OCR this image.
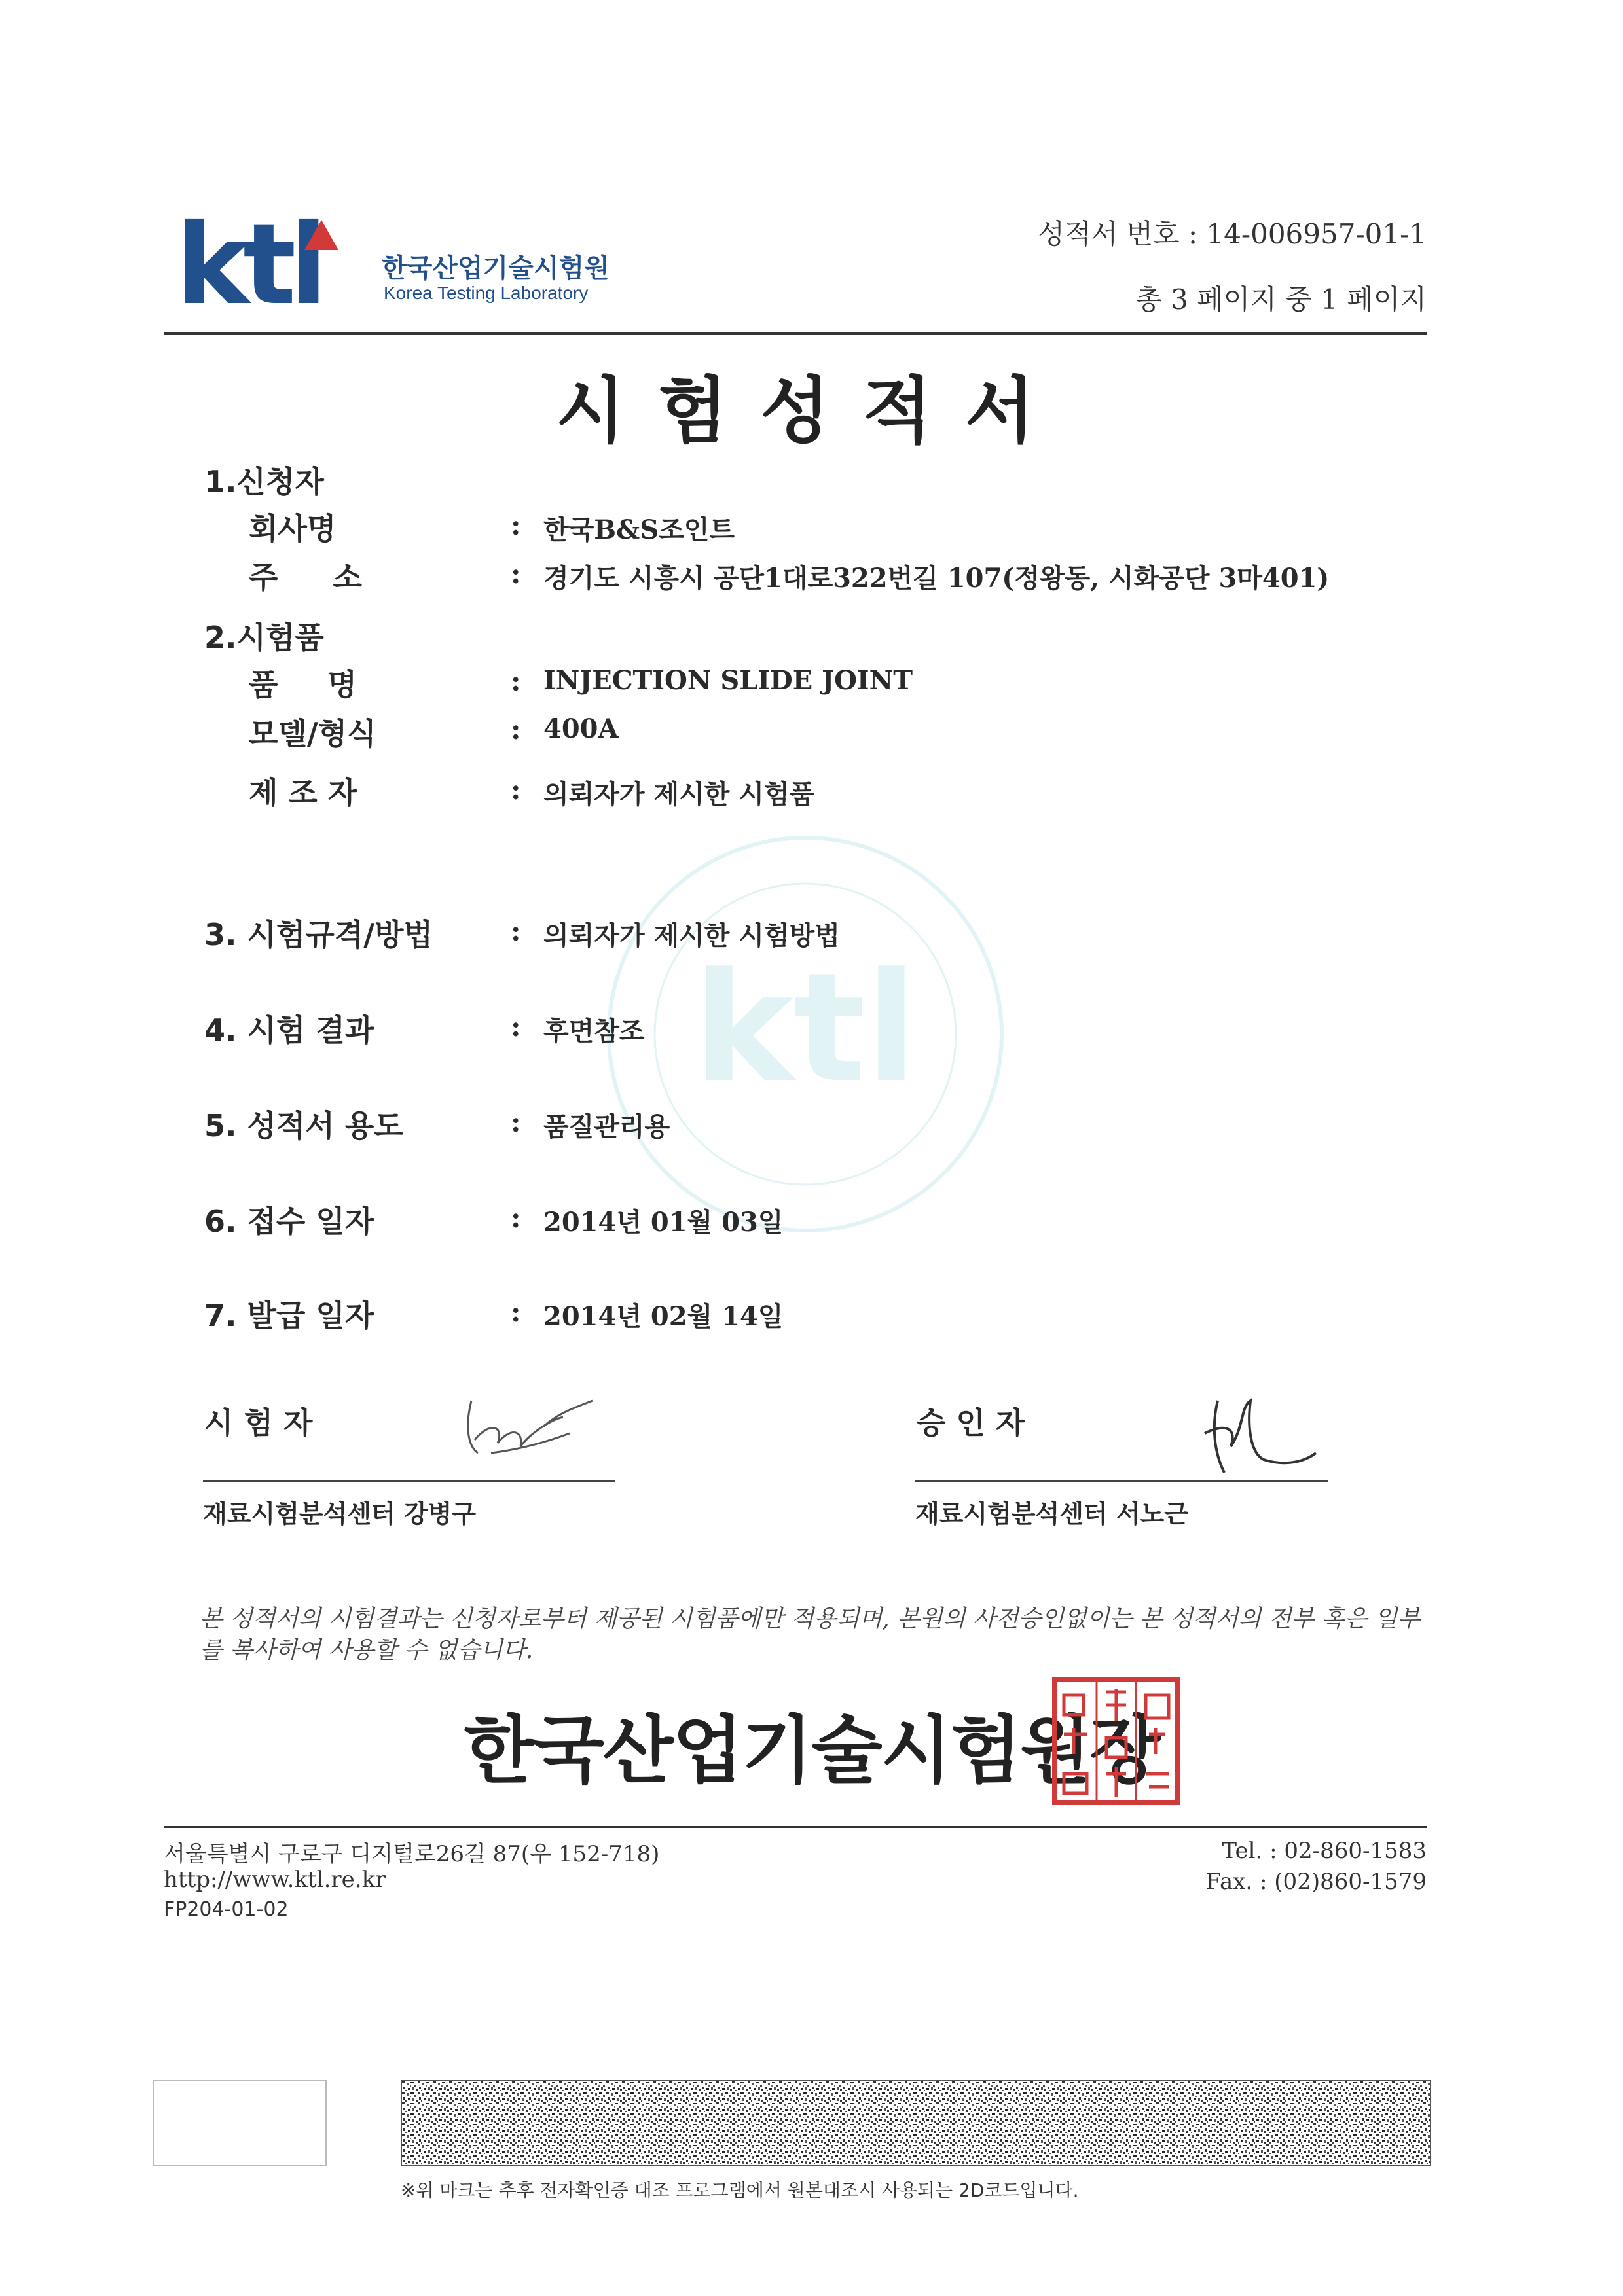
ktl 한국산업기술시험원
Korea Testing Laboratory
성적서 번호 : 14-006957-01-1
총 3 페이지 중 1 페이지
시험성적서
ktl
1.신청자
회사명	: 한국B&S조인트
주 소	: 경기도 시흥시 공단1대로322번길 107(정왕동, 시화공단 3마401)
2.시험품
품 명	: INJECTION SLIDE JOINT
모델/형식	: 400A
제 조 자	: 의뢰자가 제시한 시험품
3. 시험규격/방법	: 의뢰자가 제시한 시험방법
4. 시험 결과	: 후면참조
5. 성적서 용도	: 품질관리용
6. 접수 일자	: 2014년 01월 03일
7. 발급 일자	: 2014년 02월 14일
시 험 자
재료시험분석센터 강병구
승 인 자
재료시험분석센터 서노근
본 성적서의 시험결과는 신청자로부터 제공된 시험품에만 적용되며, 본원의 사전승인없이는 본 성적서의 전부 혹은 일부를 복사하여 사용할 수 없습니다.
한국산업기술시험원장
서울특별시 구로구 디지털로26길 87(우 152-718)
http://www.ktl.re.kr
FP204-01-02
Tel. : 02-860-1583
Fax. : (02)860-1579
※위 마크는 추후 전자확인증 대조 프로그램에서 원본대조시 사용되는 2D코드입니다.
